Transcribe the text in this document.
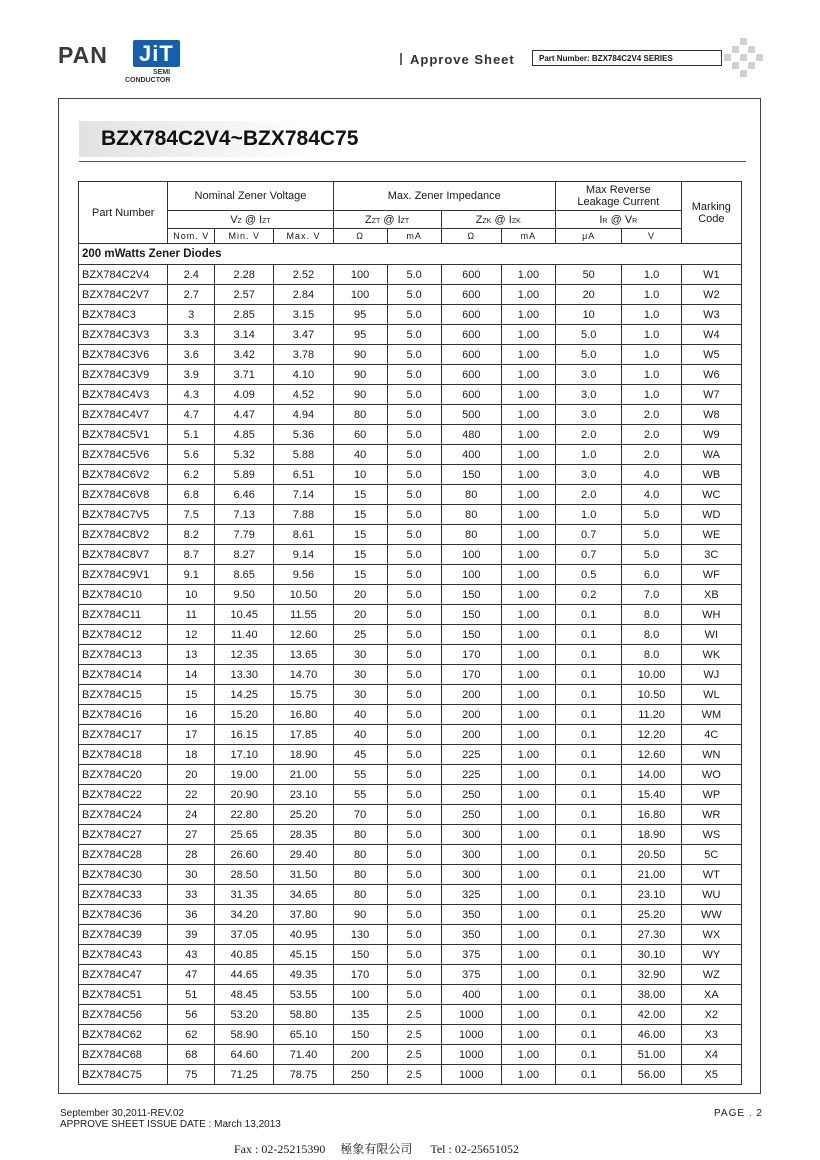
PAN JiT
SEMI
CONDUCTOR
Approve Sheet	Part Number: BZX784C2V4 SERIES
BZX784C2V4~BZX784C75
Part Number	Nominal Zener Voltage			Max. Zener Impedance				Max Reverse
Leakage Current		Marking
Code
	VZ @ IZT			ZZT @ IZT		ZZK @ IZK		IR @ VR		
	Nom. V	Min. V	Max. V	Ω	mA	Ω	mA	μA	V	
200 mWatts Zener Diodes										
BZX784C2V4	2.4	2.28	2.52	100	5.0	600	1.00	50	1.0	W1
BZX784C2V7	2.7	2.57	2.84	100	5.0	600	1.00	20	1.0	W2
BZX784C3	3	2.85	3.15	95	5.0	600	1.00	10	1.0	W3
BZX784C3V3	3.3	3.14	3.47	95	5.0	600	1.00	5.0	1.0	W4
BZX784C3V6	3.6	3.42	3.78	90	5.0	600	1.00	5.0	1.0	W5
BZX784C3V9	3.9	3.71	4.10	90	5.0	600	1.00	3.0	1.0	W6
BZX784C4V3	4.3	4.09	4.52	90	5.0	600	1.00	3.0	1.0	W7
BZX784C4V7	4.7	4.47	4.94	80	5.0	500	1.00	3.0	2.0	W8
BZX784C5V1	5.1	4.85	5.36	60	5.0	480	1.00	2.0	2.0	W9
BZX784C5V6	5.6	5.32	5.88	40	5.0	400	1.00	1.0	2.0	WA
BZX784C6V2	6.2	5.89	6.51	10	5.0	150	1.00	3.0	4.0	WB
BZX784C6V8	6.8	6.46	7.14	15	5.0	80	1.00	2.0	4.0	WC
BZX784C7V5	7.5	7.13	7.88	15	5.0	80	1.00	1.0	5.0	WD
BZX784C8V2	8.2	7.79	8.61	15	5.0	80	1.00	0.7	5.0	WE
BZX784C8V7	8.7	8.27	9.14	15	5.0	100	1.00	0.7	5.0	3C
BZX784C9V1	9.1	8.65	9.56	15	5.0	100	1.00	0.5	6.0	WF
BZX784C10	10	9.50	10.50	20	5.0	150	1.00	0.2	7.0	XB
BZX784C11	11	10.45	11.55	20	5.0	150	1.00	0.1	8.0	WH
BZX784C12	12	11.40	12.60	25	5.0	150	1.00	0.1	8.0	WI
BZX784C13	13	12.35	13.65	30	5.0	170	1.00	0.1	8.0	WK
BZX784C14	14	13.30	14.70	30	5.0	170	1.00	0.1	10.00	WJ
BZX784C15	15	14.25	15.75	30	5.0	200	1.00	0.1	10.50	WL
BZX784C16	16	15.20	16.80	40	5.0	200	1.00	0.1	11.20	WM
BZX784C17	17	16.15	17.85	40	5.0	200	1.00	0.1	12.20	4C
BZX784C18	18	17.10	18.90	45	5.0	225	1.00	0.1	12.60	WN
BZX784C20	20	19.00	21.00	55	5.0	225	1.00	0.1	14.00	WO
BZX784C22	22	20.90	23.10	55	5.0	250	1.00	0.1	15.40	WP
BZX784C24	24	22.80	25.20	70	5.0	250	1.00	0.1	16.80	WR
BZX784C27	27	25.65	28.35	80	5.0	300	1.00	0.1	18.90	WS
BZX784C28	28	26.60	29.40	80	5.0	300	1.00	0.1	20.50	5C
BZX784C30	30	28.50	31.50	80	5.0	300	1.00	0.1	21.00	WT
BZX784C33	33	31.35	34.65	80	5.0	325	1.00	0.1	23.10	WU
BZX784C36	36	34.20	37.80	90	5.0	350	1.00	0.1	25.20	WW
BZX784C39	39	37.05	40.95	130	5.0	350	1.00	0.1	27.30	WX
BZX784C43	43	40.85	45.15	150	5.0	375	1.00	0.1	30.10	WY
BZX784C47	47	44.65	49.35	170	5.0	375	1.00	0.1	32.90	WZ
BZX784C51	51	48.45	53.55	100	5.0	400	1.00	0.1	38.00	XA
BZX784C56	56	53.20	58.80	135	2.5	1000	1.00	0.1	42.00	X2
BZX784C62	62	58.90	65.10	150	2.5	1000	1.00	0.1	46.00	X3
BZX784C68	68	64.60	71.40	200	2.5	1000	1.00	0.1	51.00	X4
BZX784C75	75	71.25	78.75	250	2.5	1000	1.00	0.1	56.00	X5
September 30,2011-REV.02
APPROVE SHEET ISSUE DATE : March 13,2013
PAGE . 2
Fax : 02-25215390     極象有限公司      Tel : 02-25651052
